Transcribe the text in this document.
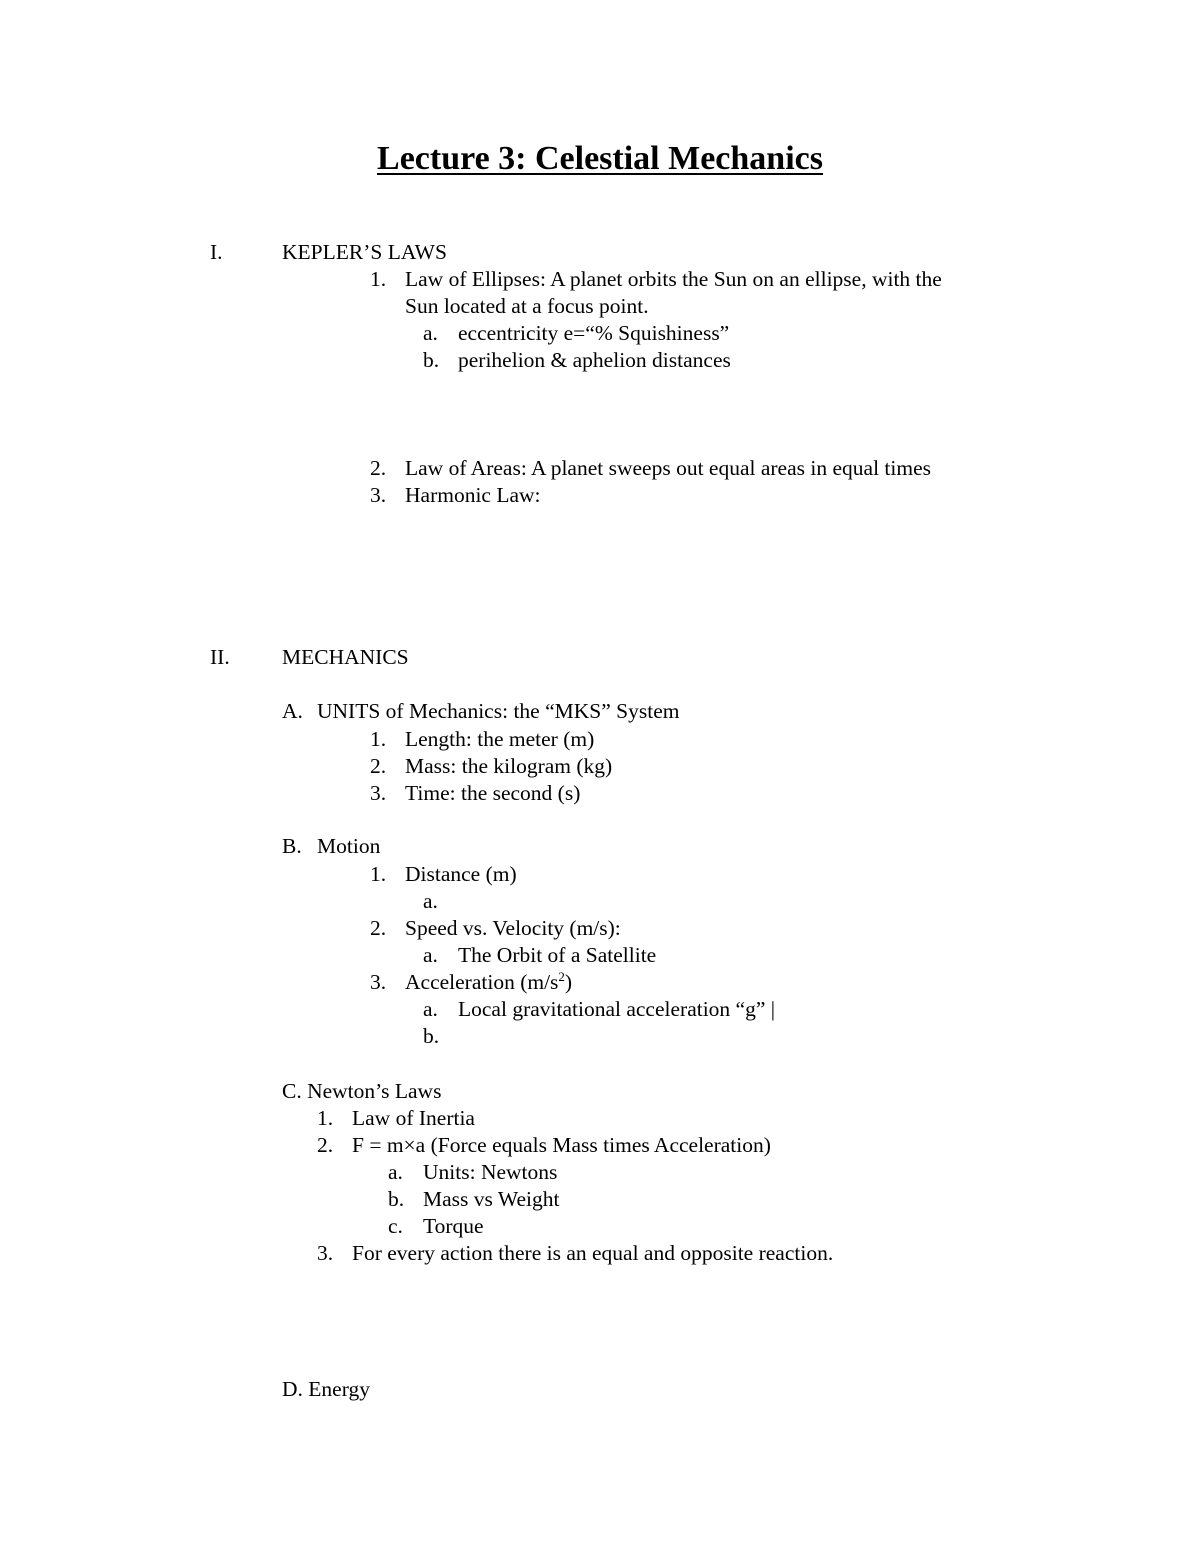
Lecture 3: Celestial Mechanics
I.	KEPLER’S LAWS
1. Law of Ellipses: A planet orbits the Sun on an ellipse, with the
Sun located at a focus point.
a. eccentricity e=“% Squishiness”
b. perihelion & aphelion distances
2. Law of Areas: A planet sweeps out equal areas in equal times
3. Harmonic Law:
II. MECHANICS
A. UNITS of Mechanics: the “MKS” System
1. Length: the meter (m)
2. Mass: the kilogram (kg)
3. Time: the second (s)
B. Motion
1. Distance (m)
a.
2. Speed vs. Velocity (m/s):
a. The Orbit of a Satellite
3. Acceleration $(m/s^2)$
a. Local gravitational acceleration “g” |
b.
C. Newton’s Laws
1. Law of Inertia
2. F = m×a (Force equals Mass times Acceleration)
a. Units: Newtons
b. Mass vs Weight
c. Torque
3. For every action there is an equal and opposite reaction.
D. Energy
